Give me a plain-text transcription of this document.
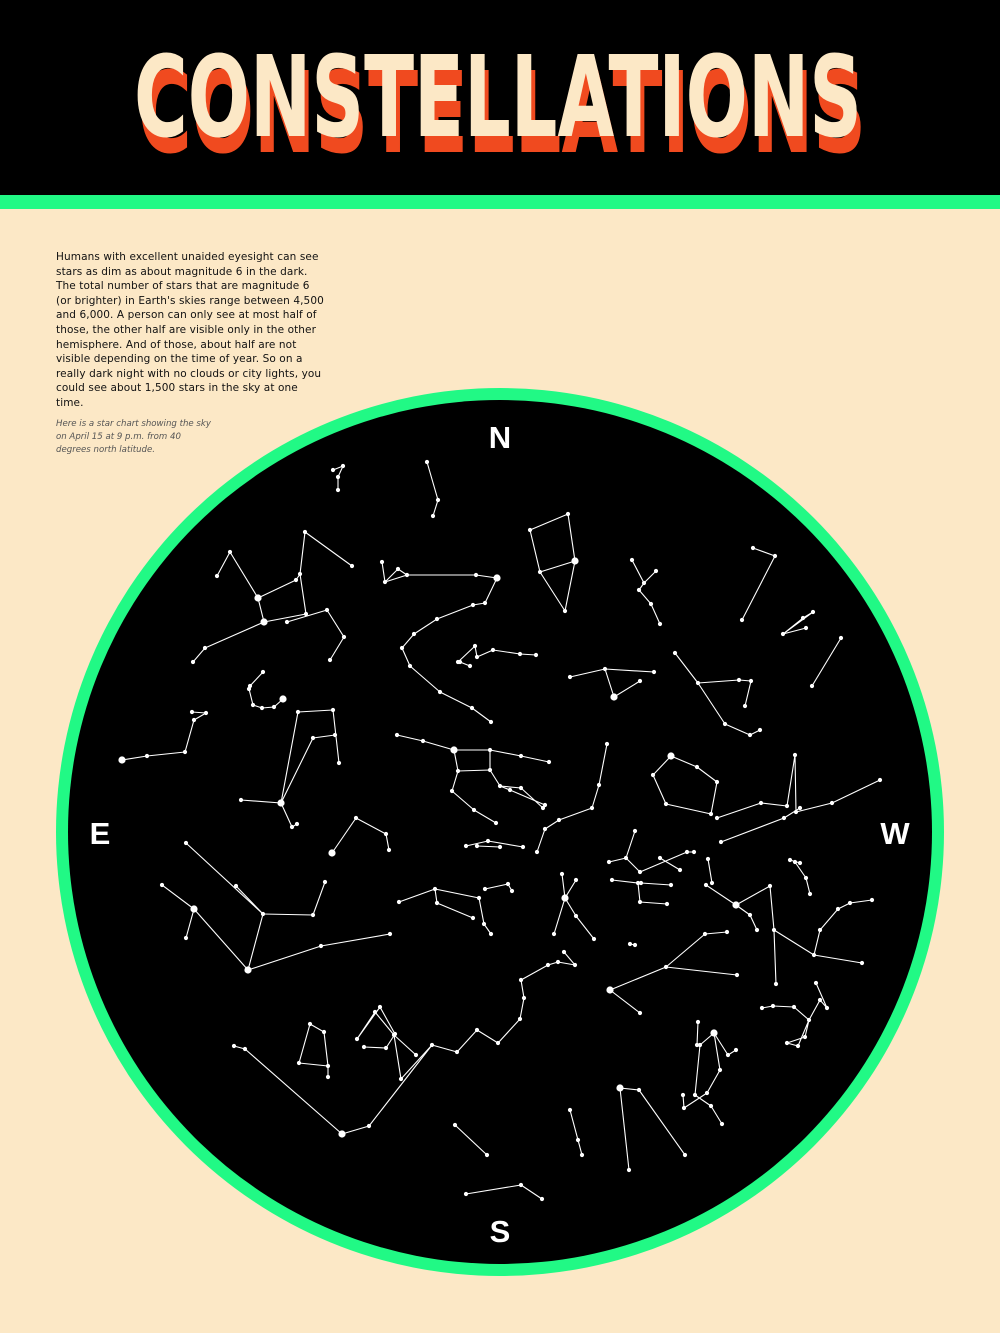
CONSTELLATIONS
CONSTELLATIONS

Humans with excellent unaided eyesight can see stars as dim as about magnitude 6 in the dark. The total number of stars that are magnitude 6 (or brighter) in Earth's skies range between 4,500 and 6,000. A person can only see at most half of those, the other half are visible only in the other hemisphere. And of those, about half are not visible depending on the time of year. So on a really dark night with no clouds or city lights, you could see about 1,500 stars in the sky at one time.

Here is a star chart showing the sky on April 15 at 9 p.m. from 40 degrees north latitude.	N
S
E	W
